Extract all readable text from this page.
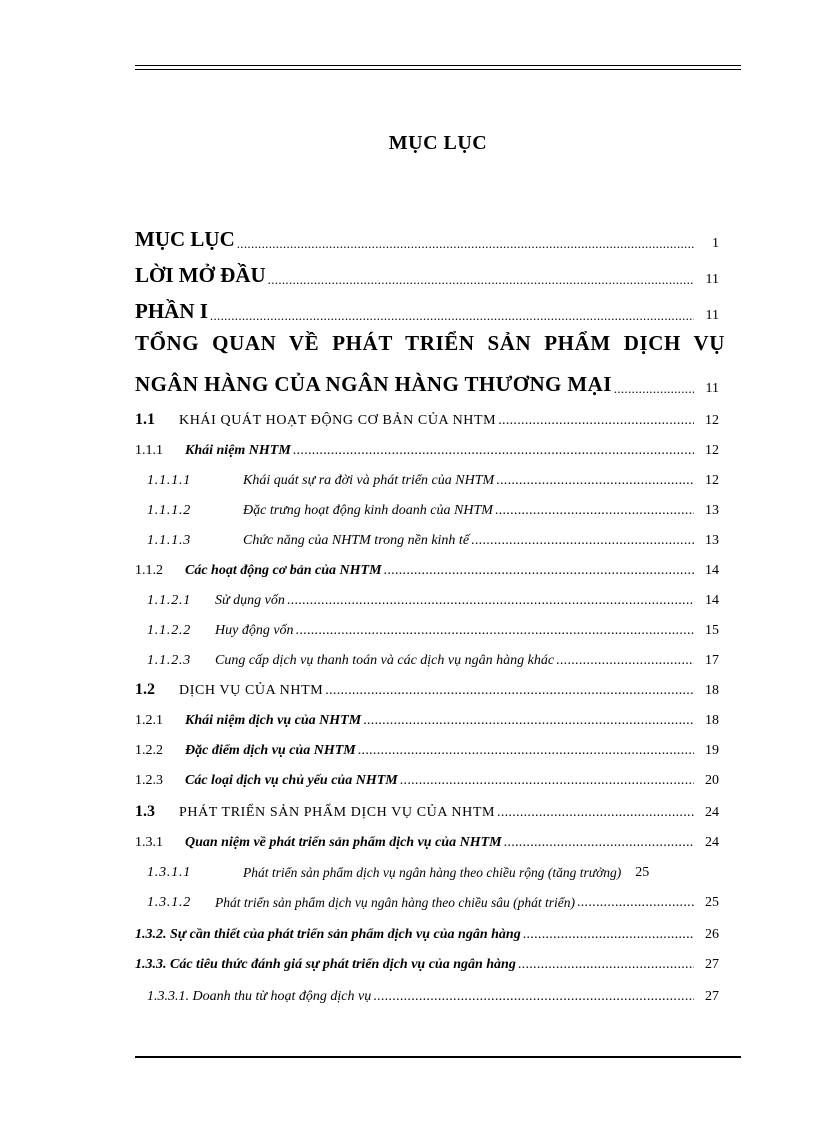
MỤC LỤC
MỤC LỤC .....	1
LỜI MỞ ĐẦU .....	11
PHẦN I .....	11
TỔNG QUAN VỀ PHÁT TRIỂN SẢN PHẨM DỊCH VỤ
NGÂN HÀNG CỦA NGÂN HÀNG THƯƠNG MẠI .....	11
1.1	KHÁI QUÁT HOẠT ĐỘNG CƠ BẢN CỦA NHTM .....	12
1.1.1	Khái niệm NHTM .....	12
1.1.1.1	Khái quát sự ra đời và phát triển của NHTM .....	12
1.1.1.2	Đặc trưng hoạt động kinh doanh của NHTM .....	13
1.1.1.3	Chức năng của NHTM trong nền kinh tế .....	13
1.1.2	Các hoạt động cơ bản của NHTM .....	14
1.1.2.1	Sử dụng vốn .....	14
1.1.2.2	Huy động vốn .....	15
1.1.2.3	Cung cấp dịch vụ thanh toán và các dịch vụ ngân hàng khác .....	17
1.2	DỊCH VỤ CỦA NHTM .....	18
1.2.1	Khái niệm dịch vụ của NHTM .....	18
1.2.2	Đặc điểm dịch vụ của NHTM .....	19
1.2.3	Các loại dịch vụ chủ yếu của NHTM .....	20
1.3	PHÁT TRIỂN SẢN PHẨM DỊCH VỤ CỦA NHTM .....	24
1.3.1	Quan niệm về phát triển sản phẩm dịch vụ của NHTM .....	24
1.3.1.1	Phát triển sản phẩm dịch vụ ngân hàng theo chiều rộng (tăng trưởng)	25
1.3.1.2	Phát triển sản phẩm dịch vụ ngân hàng theo chiều sâu (phát triển) .....	25
1.3.2. Sự cần thiết của phát triển sản phẩm dịch vụ của ngân hàng .....	26
1.3.3. Các tiêu thức đánh giá sự phát triển dịch vụ của ngân hàng .....	27
1.3.3.1. Doanh thu từ hoạt động dịch vụ .....	27
